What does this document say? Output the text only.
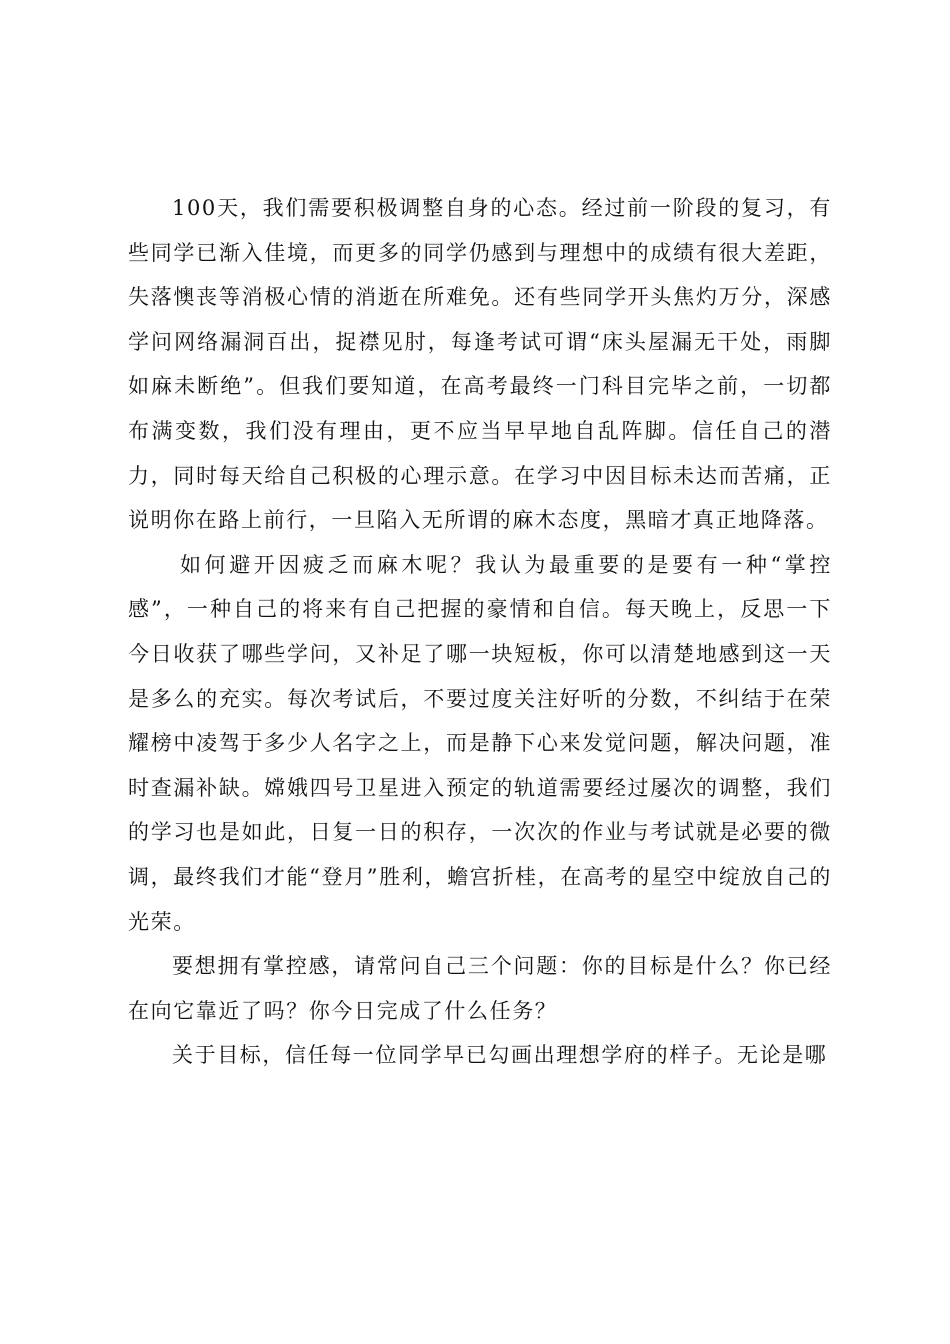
100天，我们需要积极调整自身的心态。经过前一阶段的复习，有些同学已渐入佳境，而更多的同学仍感到与理想中的成绩有很大差距，失落懊丧等消极心情的消逝在所难免。还有些同学开头焦灼万分，深感学问网络漏洞百出，捉襟见肘，每逢考试可谓“床头屋漏无干处，雨脚如麻未断绝”。但我们要知道，在高考最终一门科目完毕之前，一切都布满变数，我们没有理由，更不应当早早地自乱阵脚。信任自己的潜力，同时每天给自己积极的心理示意。在学习中因目标未达而苦痛，正说明你在路上前行，一旦陷入无所谓的麻木态度，黑暗才真正地降落。

如何避开因疲乏而麻木呢？我认为最重要的是要有一种“掌控感”，一种自己的将来有自己把握的豪情和自信。每天晚上，反思一下今日收获了哪些学问，又补足了哪一块短板，你可以清楚地感到这一天是多么的充实。每次考试后，不要过度关注好听的分数，不纠结于在荣耀榜中凌驾于多少人名字之上，而是静下心来发觉问题，解决问题，准时查漏补缺。嫦娥四号卫星进入预定的轨道需要经过屡次的调整，我们的学习也是如此，日复一日的积存，一次次的作业与考试就是必要的微调，最终我们才能“登月”胜利，蟾宫折桂，在高考的星空中绽放自己的光荣。

要想拥有掌控感，请常问自己三个问题：你的目标是什么？你已经在向它靠近了吗？你今日完成了什么任务？

关于目标，信任每一位同学早已勾画出理想学府的样子。无论是哪
